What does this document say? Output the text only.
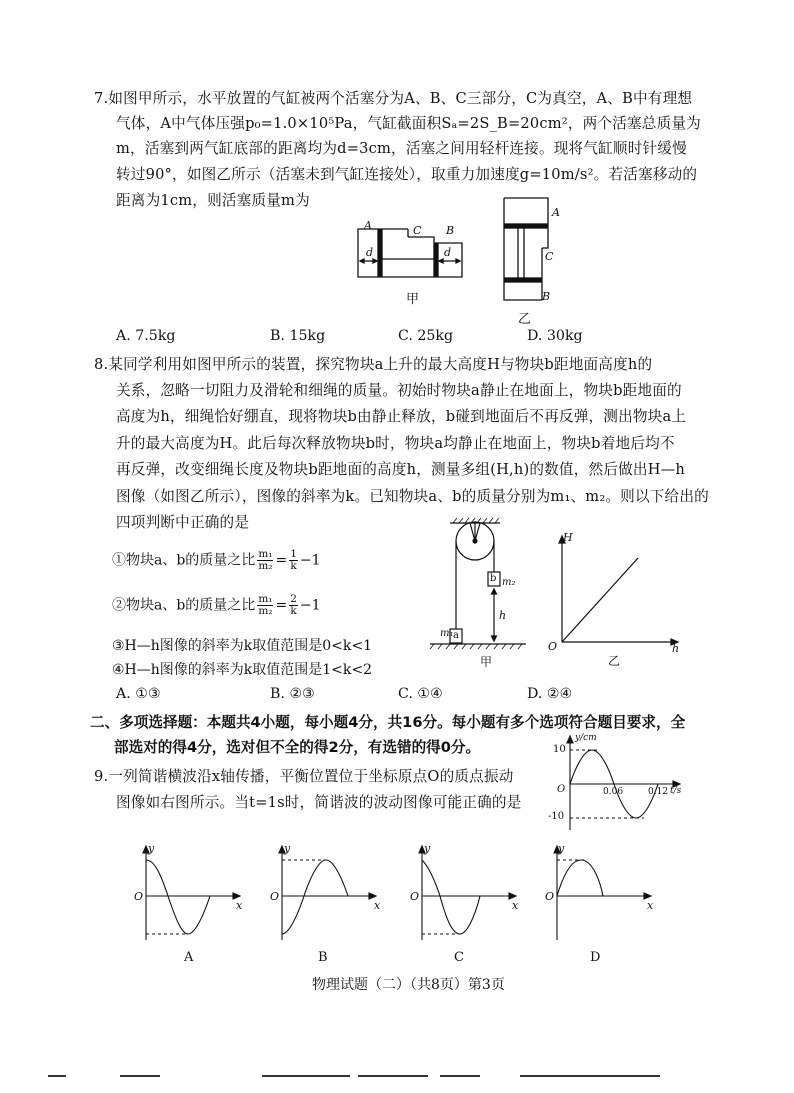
7.如图甲所示，水平放置的气缸被两个活塞分为A、B、C三部分，C为真空，A、B中有理想
气体，A中气体压强p₀=1.0×10⁵Pa，气缸截面积Sₐ=2S_B=20cm²，两个活塞总质量为
m，活塞到两气缸底部的距离均为d=3cm，活塞之间用轻杆连接。现将气缸顺时针缓慢
转过90°，如图乙所示（活塞未到气缸连接处），取重力加速度g=10m/s²。若活塞移动的
距离为1cm，则活塞质量m为
A	C B
d	d
甲
A
C
B
乙
A. 7.5kg	B. 15kg	C. 25kg	D. 30kg
8.某同学利用如图甲所示的装置，探究物块a上升的最大高度H与物块b距地面高度h的
关系，忽略一切阻力及滑轮和细绳的质量。初始时物块a静止在地面上，物块b距地面的
高度为h，细绳恰好绷直，现将物块b由静止释放，b碰到地面后不再反弹，测出物块a上
升的最大高度为H。此后每次释放物块b时，物块a均静止在地面上，物块b着地后均不
再反弹，改变细绳长度及物块b距地面的高度h，测量多组(H,h)的数值，然后做出H—h
图像（如图乙所示），图像的斜率为k。已知物块a、b的质量分别为m₁、m₂。则以下给出的
四项判断中正确的是
①物块a、b的质量之比 $\frac{\text{m₁}}{\text{m₂}} = \frac{1}{k} -1$
②物块a、b的质量之比 $\frac{\text{m₁}}{\text{m₂}} = \frac{2}{k} -1$
③H—h图像的斜率为k取值范围是0<k<1
④H—h图像的斜率为k取值范围是1<k<2
b m₂
h
m₁ a
甲
H
O	h
乙
A. ①③	B. ②③	C. ①④	D. ②④
二、多项选择题：本题共4小题，每小题4分，共16分。每小题有多个选项符合题目要求，全
部选对的得4分，选对但不全的得2分，有选错的得0分。
9.一列简谐横波沿x轴传播，平衡位置位于坐标原点O的质点振动
图像如右图所示。当t=1s时，简谐波的波动图像可能正确的是
y/cm
10
-10
O	0.06	0.12 t/s
y
O
x
A
y
O
x
B
y
O
x
C
y
O
x
D
物理试题（二）（共8页）第3页
